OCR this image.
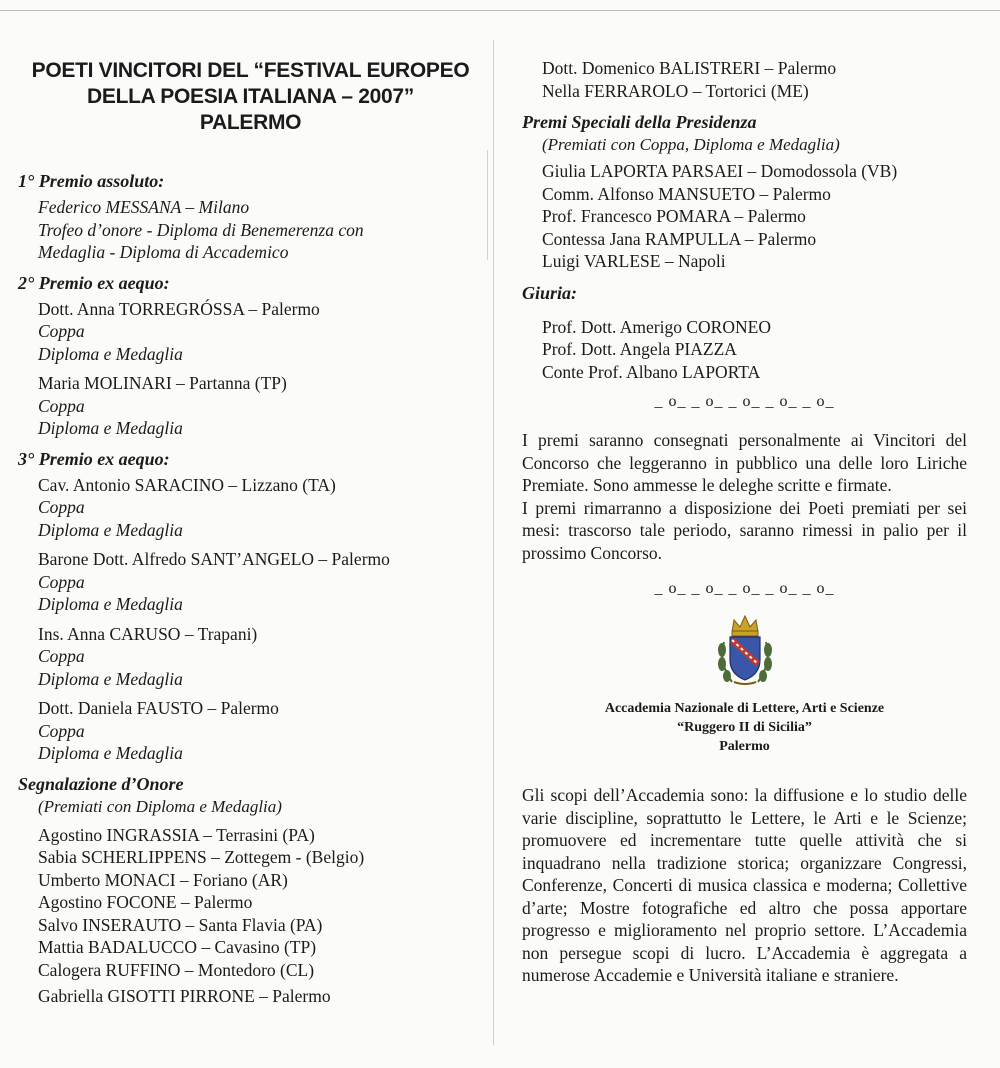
POETI VINCITORI DEL “FESTIVAL EUROPEO
DELLA POESIA ITALIANA – 2007”
PALERMO

1° Premio assoluto:

Federico MESSANA – Milano

Trofeo d’onore - Diploma di Benemerenza con

Medaglia - Diploma di Accademico

2° Premio ex aequo:

Dott. Anna TORREGRÓSSA – Palermo

Coppa

Diploma e Medaglia

Maria MOLINARI – Partanna (TP)

Coppa

Diploma e Medaglia

3° Premio ex aequo:

Cav. Antonio SARACINO – Lizzano (TA)

Coppa

Diploma e Medaglia

Barone Dott. Alfredo SANT’ANGELO – Palermo

Coppa

Diploma e Medaglia

Ins. Anna CARUSO – Trapani)

Coppa

Diploma e Medaglia

Dott. Daniela FAUSTO – Palermo

Coppa

Diploma e Medaglia

Segnalazione d’Onore

(Premiati con Diploma e Medaglia)

Agostino INGRASSIA – Terrasini (PA)

Sabia SCHERLIPPENS – Zottegem - (Belgio)

Umberto MONACI – Foriano (AR)

Agostino FOCONE – Palermo

Salvo INSERAUTO – Santa Flavia (PA)

Mattia BADALUCCO – Cavasino (TP)

Calogera RUFFINO – Montedoro (CL)

Gabriella GISOTTI PIRRONE – Palermo

Dott. Domenico BALISTRERI – Palermo

Nella FERRAROLO – Tortorici (ME)

Premi Speciali della Presidenza

(Premiati con Coppa, Diploma e Medaglia)

Giulia LAPORTA PARSAEI – Domodossola (VB)

Comm. Alfonso MANSUETO – Palermo

Prof. Francesco POMARA – Palermo

Contessa Jana RAMPULLA – Palermo

Luigi VARLESE – Napoli

Giuria:

Prof. Dott. Amerigo CORONEO

Prof. Dott. Angela PIAZZA

Conte Prof. Albano LAPORTA

_ o_ _ o_ _ o_ _ o_ _ o_

I premi saranno consegnati personalmente ai Vincitori del Concorso che leggeranno in pubblico una delle loro Liriche Premiate. Sono ammesse le deleghe scritte e firmate.

I premi rimarranno a disposizione dei Poeti premiati per sei mesi: trascorso tale periodo, saranno rimessi in palio per il prossimo Concorso.

_ o_ _ o_ _ o_ _ o_ _ o_

Accademia Nazionale di Lettere, Arti e Scienze

“Ruggero II di Sicilia”

Palermo

Gli scopi dell’Accademia sono: la diffusione e lo studio delle varie discipline, soprattutto le Lettere, le Arti e le Scienze; promuovere ed incrementare tutte quelle attività che si inquadrano nella tradizione storica; organizzare Congressi, Conferenze, Concerti di musica classica e moderna; Collettive d’arte; Mostre fotografiche ed altro che possa apportare progresso e miglioramento nel proprio settore. L’Accademia non persegue scopi di lucro. L’Accademia è aggregata a numerose Accademie e Università italiane e straniere.
